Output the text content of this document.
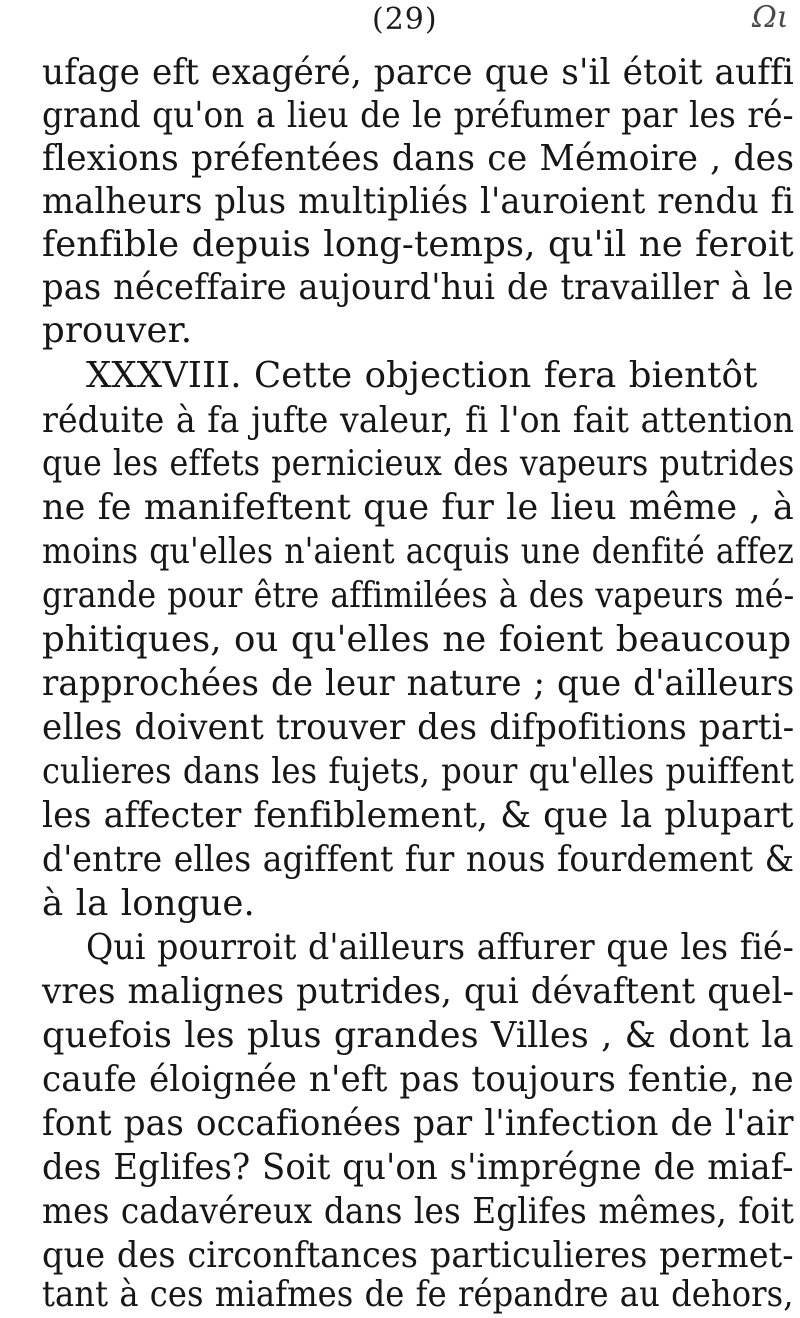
(29)	Ωι
ufage eft exagéré, parce que s'il étoit auffi
grand qu'on a lieu de le préfumer par les ré-
flexions préfentées dans ce Mémoire , des
malheurs plus multipliés l'auroient rendu fi
fenfible depuis long-temps, qu'il ne feroit
pas néceffaire aujourd'hui de travailler à le
prouver.
XXXVIII. Cette objection fera bientôt
réduite à fa jufte valeur, fi l'on fait attention
que les effets pernicieux des vapeurs putrides
ne fe manifeftent que fur le lieu même , à
moins qu'elles n'aient acquis une denfité affez
grande pour être affimilées à des vapeurs mé-
phitiques, ou qu'elles ne foient beaucoup
rapprochées de leur nature ; que d'ailleurs
elles doivent trouver des difpofitions parti-
culieres dans les fujets, pour qu'elles puiffent
les affecter fenfiblement, & que la plupart
d'entre elles agiffent fur nous fourdement &
à la longue.
Qui pourroit d'ailleurs affurer que les fié-
vres malignes putrides, qui dévaftent quel-
quefois les plus grandes Villes , & dont la
caufe éloignée n'eft pas toujours fentie, ne
font pas occafionées par l'infection de l'air
des Eglifes? Soit qu'on s'imprégne de miaf-
mes cadavéreux dans les Eglifes mêmes, foit
que des circonftances particulieres permet-
tant à ces miafmes de fe répandre au dehors,
